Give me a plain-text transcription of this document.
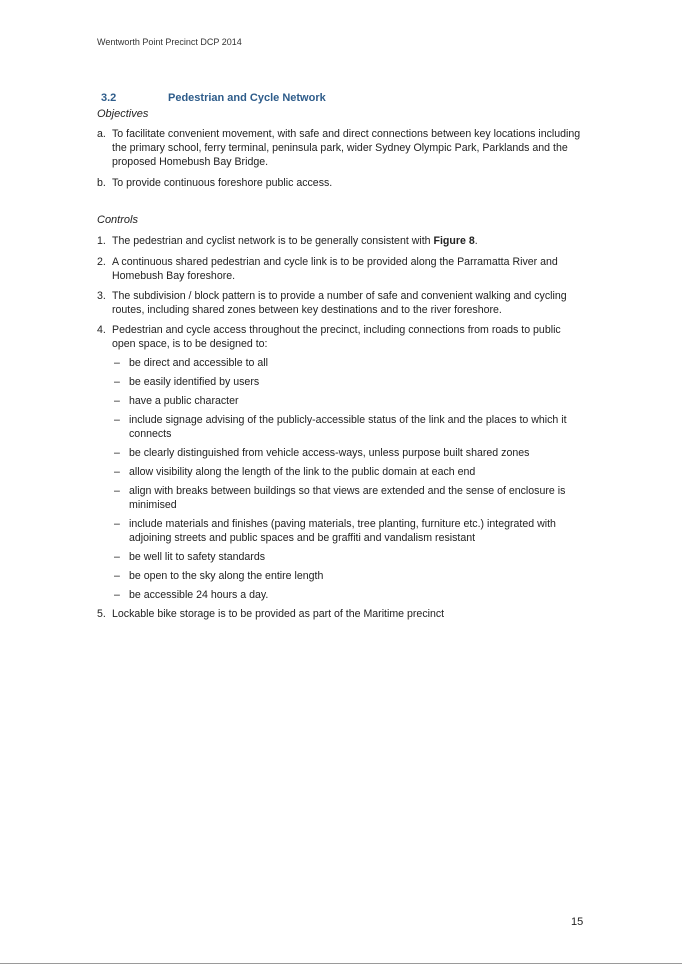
Wentworth Point Precinct DCP 2014
3.2	Pedestrian and Cycle Network
Objectives

a. To facilitate convenient movement, with safe and direct connections between key locations including the primary school, ferry terminal, peninsula park, wider Sydney Olympic Park, Parklands and the proposed Homebush Bay Bridge.

b. To provide continuous foreshore public access.

Controls

1. The pedestrian and cyclist network is to be generally consistent with Figure 8.

2. A continuous shared pedestrian and cycle link is to be provided along the Parramatta River and Homebush Bay foreshore.

3. The subdivision / block pattern is to provide a number of safe and convenient walking and cycling routes, including shared zones between key destinations and to the river foreshore.

4. Pedestrian and cycle access throughout the precinct, including connections from roads to public open space, is to be designed to:

– be direct and accessible to all

– be easily identified by users

– have a public character

– include signage advising of the publicly-accessible status of the link and the places to which it connects

– be clearly distinguished from vehicle access-ways, unless purpose built shared zones

– allow visibility along the length of the link to the public domain at each end

– align with breaks between buildings so that views are extended and the sense of enclosure is minimised

– include materials and finishes (paving materials, tree planting, furniture etc.) integrated with adjoining streets and public spaces and be graffiti and vandalism resistant

– be well lit to safety standards

– be open to the sky along the entire length

– be accessible 24 hours a day.

5. Lockable bike storage is to be provided as part of the Maritime precinct

15
